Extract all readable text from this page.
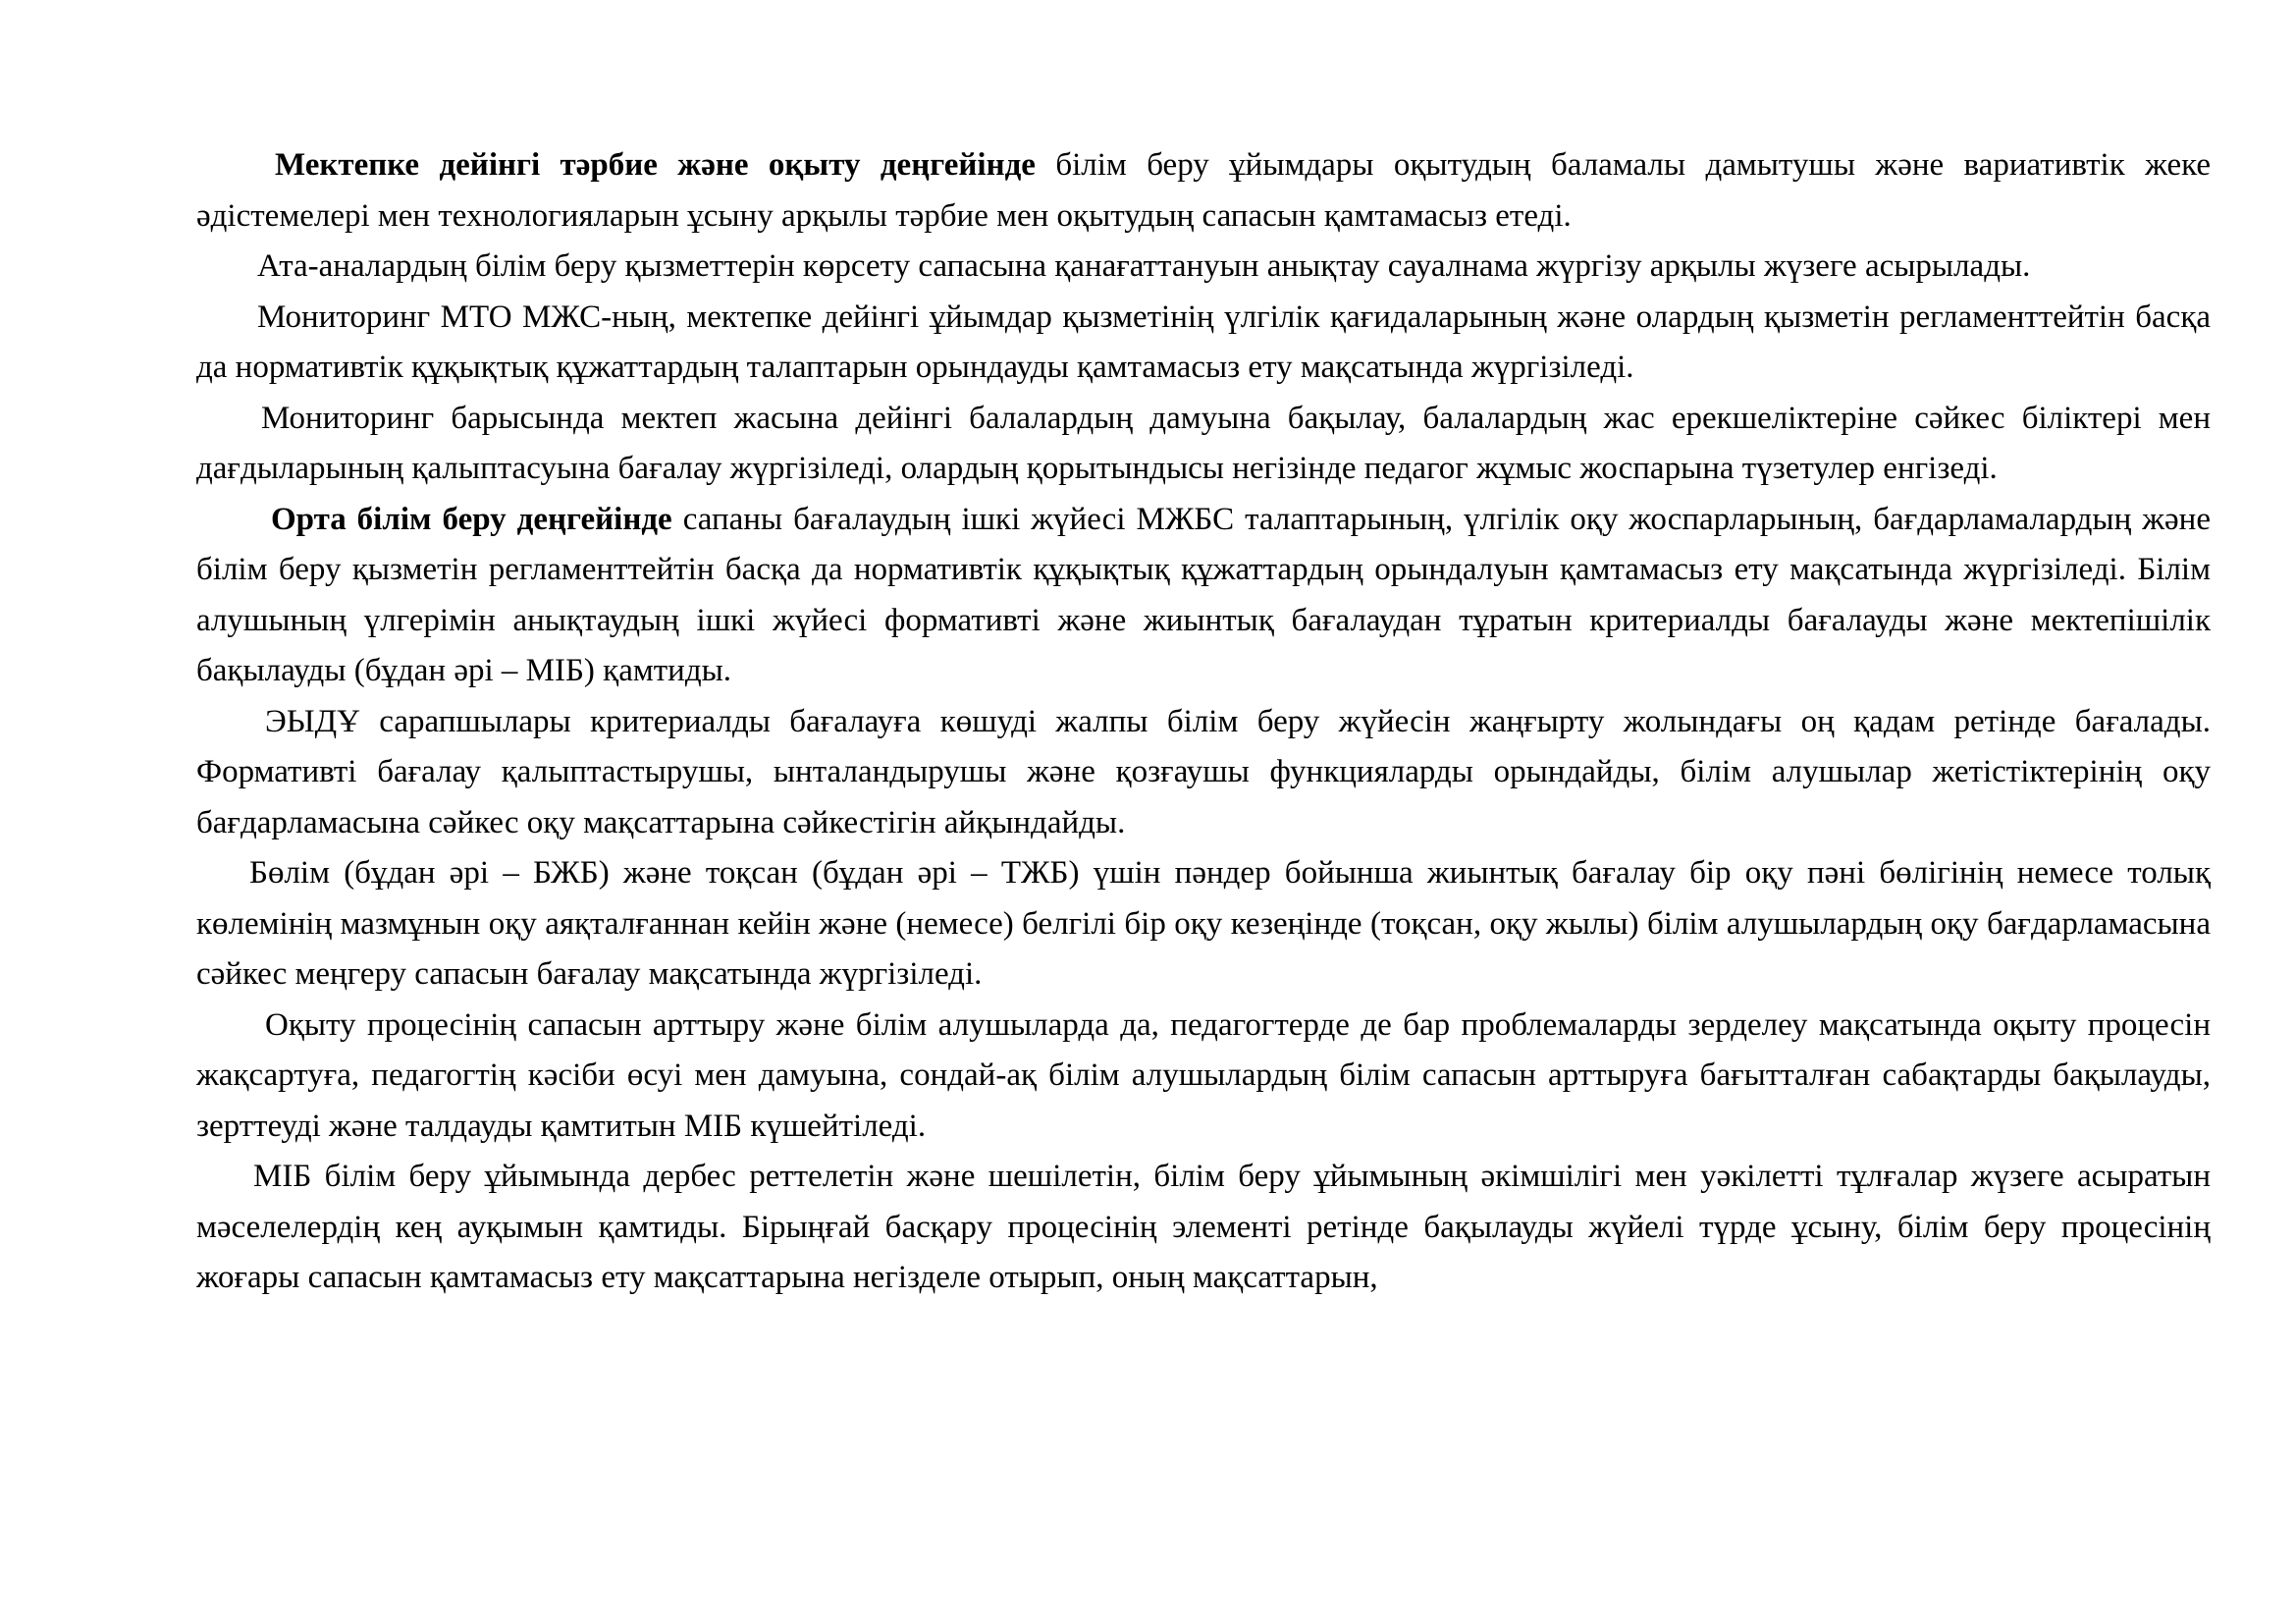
Мектепке дейінгі тәрбие және оқыту деңгейінде білім беру ұйымдары оқытудың баламалы дамытушы және вариативтік жеке әдістемелері мен технологияларын ұсыну арқылы тәрбие мен оқытудың сапасын қамтамасыз етеді.

Ата-аналардың білім беру қызметтерін көрсету сапасына қанағаттануын анықтау сауалнама жүргізу арқылы жүзеге асырылады.

Мониторинг МТО МЖС-ның, мектепке дейінгі ұйымдар қызметінің үлгілік қағидаларының және олардың қызметін регламенттейтін басқа да нормативтік құқықтық құжаттардың талаптарын орындауды қамтамасыз ету мақсатында жүргізіледі.

Мониторинг барысында мектеп жасына дейінгі балалардың дамуына бақылау, балалардың жас ерекшеліктеріне сәйкес біліктері мен дағдыларының қалыптасуына бағалау жүргізіледі, олардың қорытындысы негізінде педагог жұмыс жоспарына түзетулер енгізеді.

Орта білім беру деңгейінде сапаны бағалаудың ішкі жүйесі МЖБС талаптарының, үлгілік оқу жоспарларының, бағдарламалардың және білім беру қызметін регламенттейтін басқа да нормативтік құқықтық құжаттардың орындалуын қамтамасыз ету мақсатында жүргізіледі. Білім алушының үлгерімін анықтаудың ішкі жүйесі формативті және жиынтық бағалаудан тұратын критериалды бағалауды және мектепішілік бақылауды (бұдан әрі – МІБ) қамтиды.

ЭЫДҰ сарапшылары критериалды бағалауға көшуді жалпы білім беру жүйесін жаңғырту жолындағы оң қадам ретінде бағалады. Формативті бағалау қалыптастырушы, ынталандырушы және қозғаушы функцияларды орындайды, білім алушылар жетістіктерінің оқу бағдарламасына сәйкес оқу мақсаттарына сәйкестігін айқындайды.

Бөлім (бұдан әрі – БЖБ) және тоқсан (бұдан әрі – ТЖБ) үшін пәндер бойынша жиынтық бағалау бір оқу пәні бөлігінің немесе толық көлемінің мазмұнын оқу аяқталғаннан кейін және (немесе) белгілі бір оқу кезеңінде (тоқсан, оқу жылы) білім алушылардың оқу бағдарламасына сәйкес меңгеру сапасын бағалау мақсатында жүргізіледі.

Оқыту процесінің сапасын арттыру және білім алушыларда да, педагогтерде де бар проблемаларды зерделеу мақсатында оқыту процесін жақсартуға, педагогтің кәсіби өсуі мен дамуына, сондай-ақ білім алушылардың білім сапасын арттыруға бағытталған сабақтарды бақылауды, зерттеуді және талдауды қамтитын МІБ күшейтіледі.

МІБ білім беру ұйымында дербес реттелетін және шешілетін, білім беру ұйымының әкімшілігі мен уәкілетті тұлғалар жүзеге асыратын мәселелердің кең ауқымын қамтиды. Бірыңғай басқару процесінің элементі ретінде бақылауды жүйелі түрде ұсыну, білім беру процесінің жоғары сапасын қамтамасыз ету мақсаттарына негізделе отырып, оның мақсаттарын,
